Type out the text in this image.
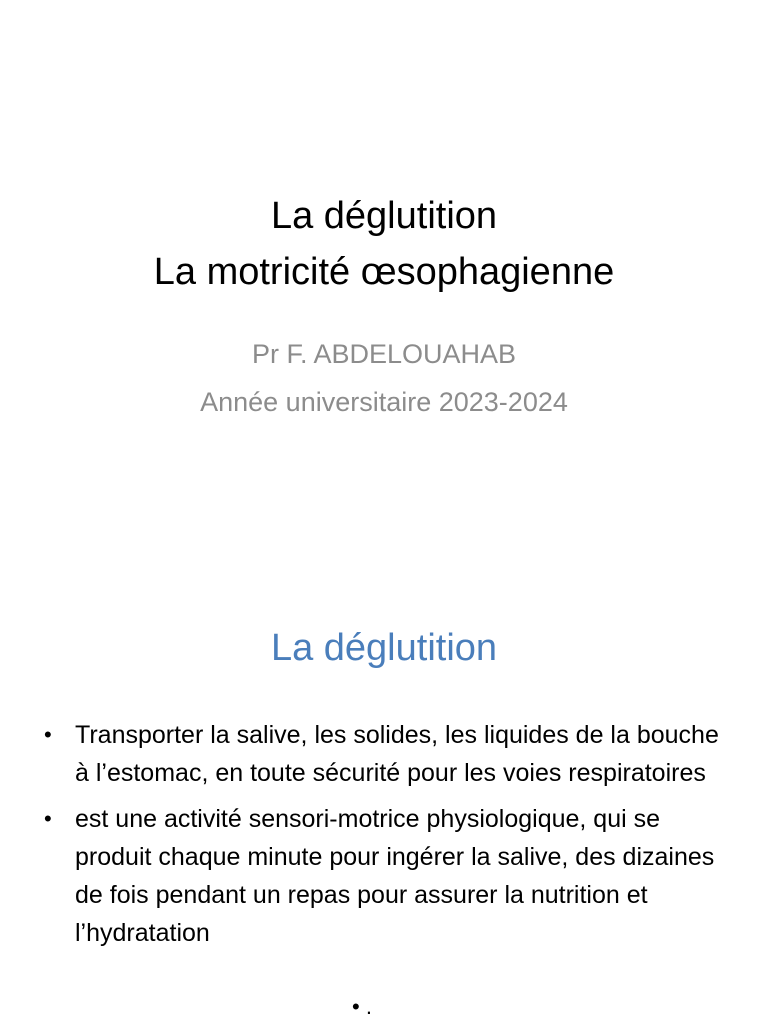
La déglutition
La motricité œsophagienne
Pr F. ABDELOUAHAB
Année universitaire 2023-2024
La déglutition
• Transporter la salive, les solides, les liquides de la bouche à l’estomac, en toute sécurité pour les voies respiratoires
• est une activité sensori-motrice physiologique, qui se produit chaque minute pour ingérer la salive, des dizaines de fois pendant un repas pour assurer la nutrition et l’hydratation
• .
